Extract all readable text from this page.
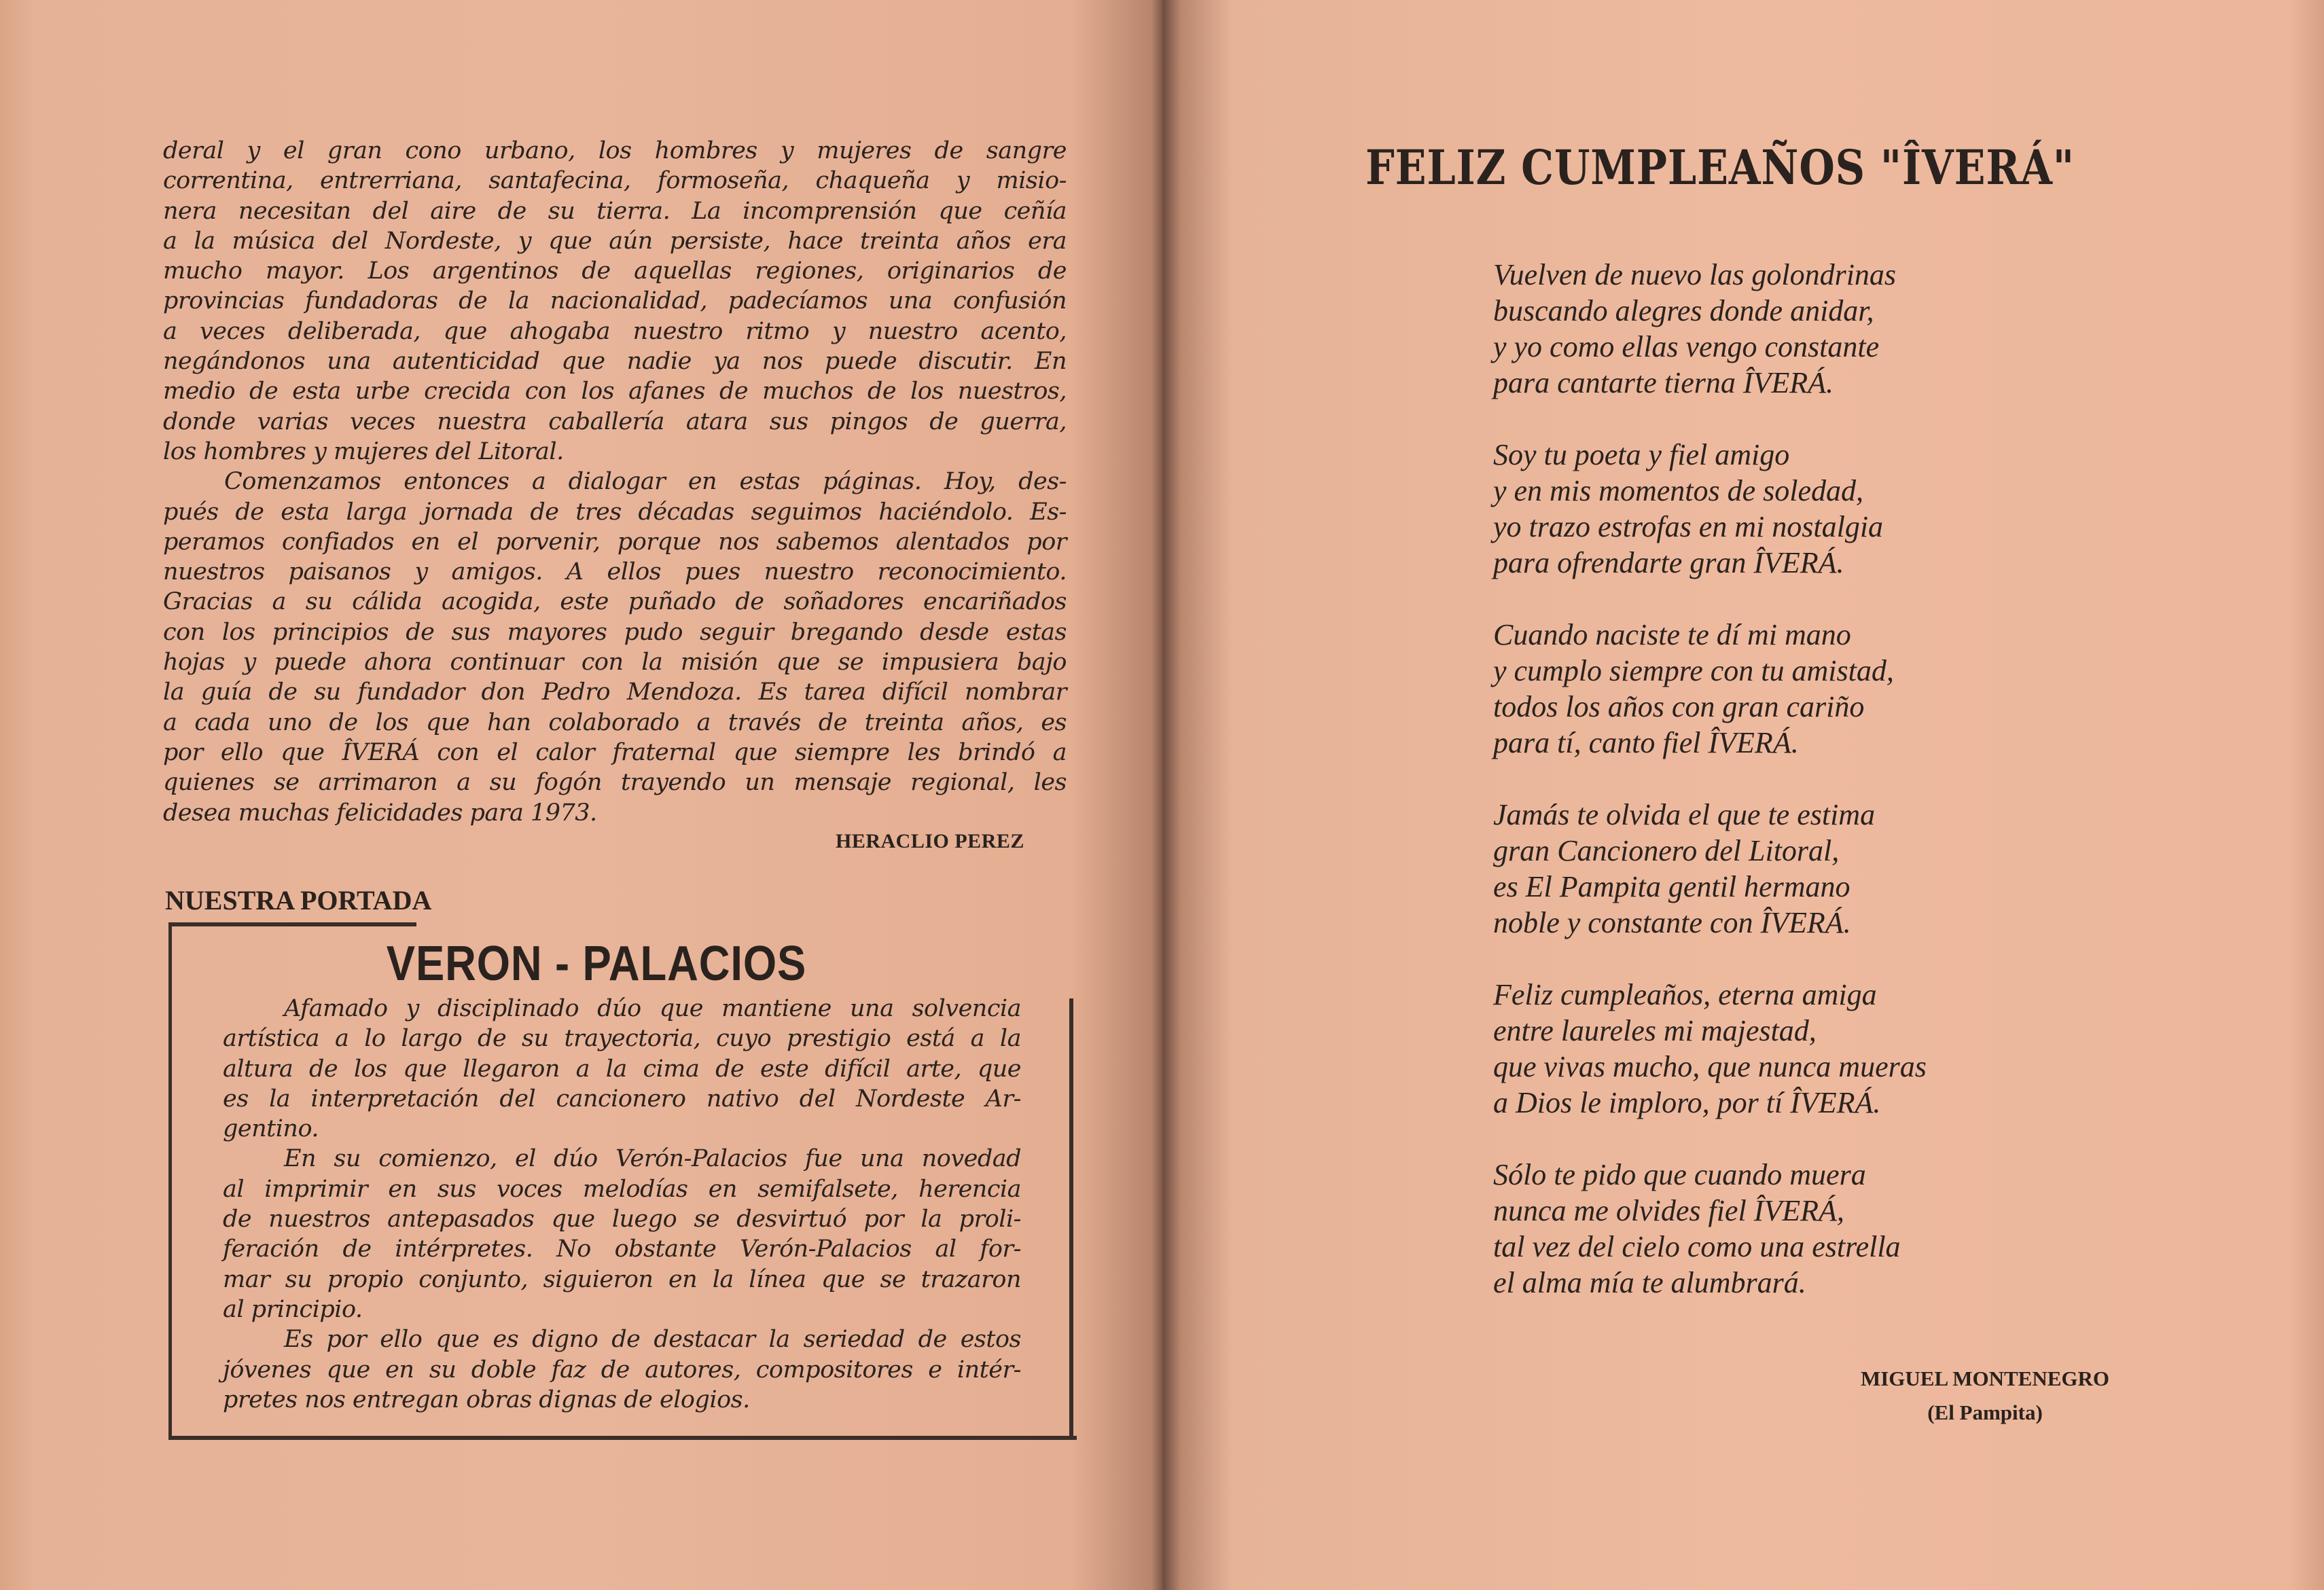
deral y el gran cono urbano, los hombres y mujeres de sangre
correntina, entrerriana, santafecina, formoseña, chaqueña y misio-
nera necesitan del aire de su tierra. La incomprensión que ceñía
a la música del Nordeste, y que aún persiste, hace treinta años era
mucho mayor. Los argentinos de aquellas regiones, originarios de
provincias fundadoras de la nacionalidad, padecíamos una confusión
a veces deliberada, que ahogaba nuestro ritmo y nuestro acento,
negándonos una autenticidad que nadie ya nos puede discutir. En
medio de esta urbe crecida con los afanes de muchos de los nuestros,
donde varias veces nuestra caballería atara sus pingos de guerra,
los hombres y mujeres del Litoral.
Comenzamos entonces a dialogar en estas páginas. Hoy, des-
pués de esta larga jornada de tres décadas seguimos haciéndolo. Es-
peramos confiados en el porvenir, porque nos sabemos alentados por
nuestros paisanos y amigos. A ellos pues nuestro reconocimiento.
Gracias a su cálida acogida, este puñado de soñadores encariñados
con los principios de sus mayores pudo seguir bregando desde estas
hojas y puede ahora continuar con la misión que se impusiera bajo
la guía de su fundador don Pedro Mendoza. Es tarea difícil nombrar
a cada uno de los que han colaborado a través de treinta años, es
por ello que ÎVERÁ con el calor fraternal que siempre les brindó a
quienes se arrimaron a su fogón trayendo un mensaje regional, les
desea muchas felicidades para 1973.
HERACLIO PEREZ
NUESTRA PORTADA
VERON - PALACIOS
Afamado y disciplinado dúo que mantiene una solvencia
artística a lo largo de su trayectoria, cuyo prestigio está a la
altura de los que llegaron a la cima de este difícil arte, que
es la interpretación del cancionero nativo del Nordeste Ar-
gentino.
En su comienzo, el dúo Verón-Palacios fue una novedad
al imprimir en sus voces melodías en semifalsete, herencia
de nuestros antepasados que luego se desvirtuó por la proli-
feración de intérpretes. No obstante Verón-Palacios al for-
mar su propio conjunto, siguieron en la línea que se trazaron
al principio.
Es por ello que es digno de destacar la seriedad de estos
jóvenes que en su doble faz de autores, compositores e intér-
pretes nos entregan obras dignas de elogios.
FELIZ CUMPLEAÑOS "ÎVERÁ"
Vuelven de nuevo las golondrinas
buscando alegres donde anidar,
y yo como ellas vengo constante
para cantarte tierna ÎVERÁ.
Soy tu poeta y fiel amigo
y en mis momentos de soledad,
yo trazo estrofas en mi nostalgia
para ofrendarte gran ÎVERÁ.
Cuando naciste te dí mi mano
y cumplo siempre con tu amistad,
todos los años con gran cariño
para tí, canto fiel ÎVERÁ.
Jamás te olvida el que te estima
gran Cancionero del Litoral,
es El Pampita gentil hermano
noble y constante con ÎVERÁ.
Feliz cumpleaños, eterna amiga
entre laureles mi majestad,
que vivas mucho, que nunca mueras
a Dios le imploro, por tí ÎVERÁ.
Sólo te pido que cuando muera
nunca me olvides fiel ÎVERÁ,
tal vez del cielo como una estrella
el alma mía te alumbrará.
MIGUEL MONTENEGRO
(El Pampita)
